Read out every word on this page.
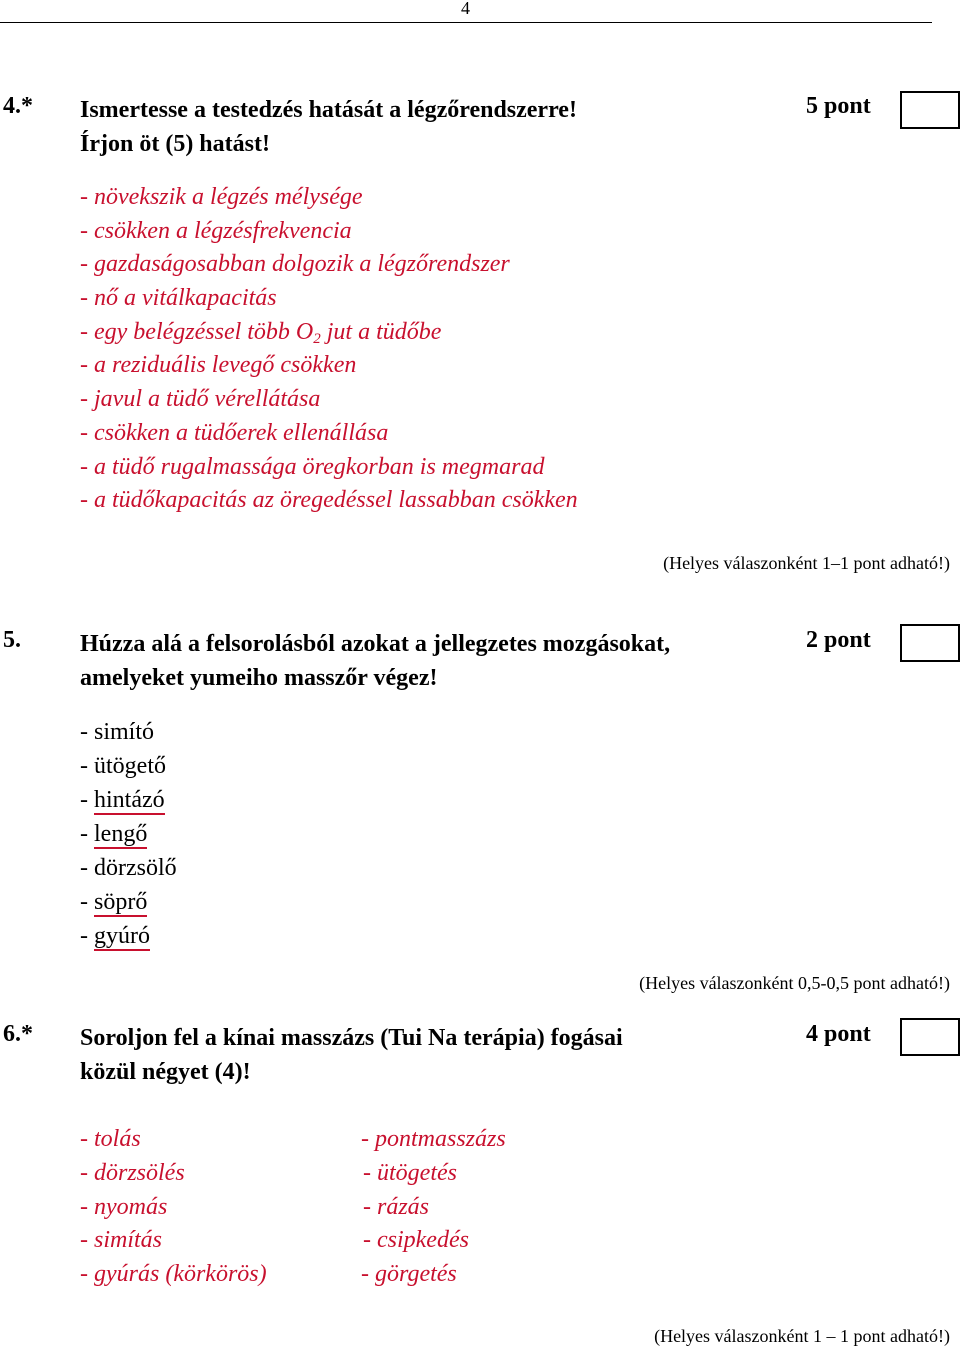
4
4.* Ismertesse a testedzés hatását a légzőrendszerre!
Írjon öt (5) hatást!
5 pont
- növekszik a légzés mélysége
- csökken a légzésfrekvencia
- gazdaságosabban dolgozik a légzőrendszer
- nő a vitálkapacitás
- egy belégzéssel több $O_2$ jut a tüdőbe
- a reziduális levegő csökken
- javul a tüdő vérellátása
- csökken a tüdőerek ellenállása
- a tüdő rugalmassága öregkorban is megmarad
- a tüdőkapacitás az öregedéssel lassabban csökken
(Helyes válaszonként 1–1 pont adható!)
5. Húzza alá a felsorolásból azokat a jellegzetes mozgásokat,
amelyeket yumeiho masszőr végez!
2 pont
- simító
- ütögető
- hintázó
- lengő
- dörzsölő
- söprő
- gyúró
(Helyes válaszonként 0,5-0,5 pont adható!)
6.* Soroljon fel a kínai masszázs (Tui Na terápia) fogásai
közül négyet (4)!
4 pont
- tolás	- pontmasszázs
- dörzsölés	- ütögetés
- nyomás	- rázás
- simítás	- csipkedés
- gyúrás (körkörös)	- görgetés
(Helyes válaszonként 1 – 1 pont adható!)
